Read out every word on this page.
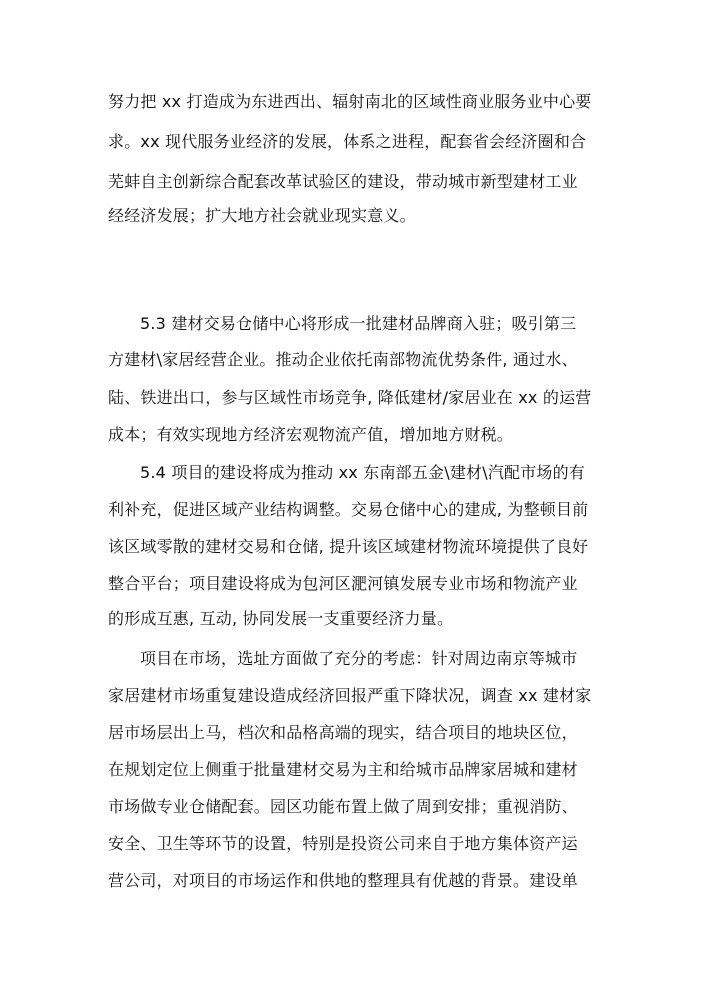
努力把 xx 打造成为东进西出、辐射南北的区域性商业服务业中心要
求。xx 现代服务业经济的发展，体系之进程，配套省会经济圈和合
芜蚌自主创新综合配套改革试验区的建设，带动城市新型建材工业
经经济发展；扩大地方社会就业现实意义。
5.3 建材交易仓储中心将形成一批建材品牌商入驻；吸引第三
方建材\家居经营企业。推动企业依托南部物流优势条件, 通过水、
陆、铁进出口，参与区域性市场竞争, 降低建材/家居业在 xx 的运营
成本；有效实现地方经济宏观物流产值，增加地方财税。
5.4 项目的建设将成为推动 xx 东南部五金\建材\汽配市场的有
利补充，促进区域产业结构调整。交易仓储中心的建成, 为整顿目前
该区域零散的建材交易和仓储, 提升该区域建材物流环境提供了良好
整合平台；项目建设将成为包河区淝河镇发展专业市场和物流产业
的形成互惠, 互动, 协同发展一支重要经济力量。
项目在市场，选址方面做了充分的考虑：针对周边南京等城市
家居建材市场重复建设造成经济回报严重下降状况，调查 xx 建材家
居市场层出上马，档次和品格高端的现实，结合项目的地块区位，
在规划定位上侧重于批量建材交易为主和给城市品牌家居城和建材
市场做专业仓储配套。园区功能布置上做了周到安排；重视消防、
安全、卫生等环节的设置，特别是投资公司来自于地方集体资产运
营公司，对项目的市场运作和供地的整理具有优越的背景。建设单
